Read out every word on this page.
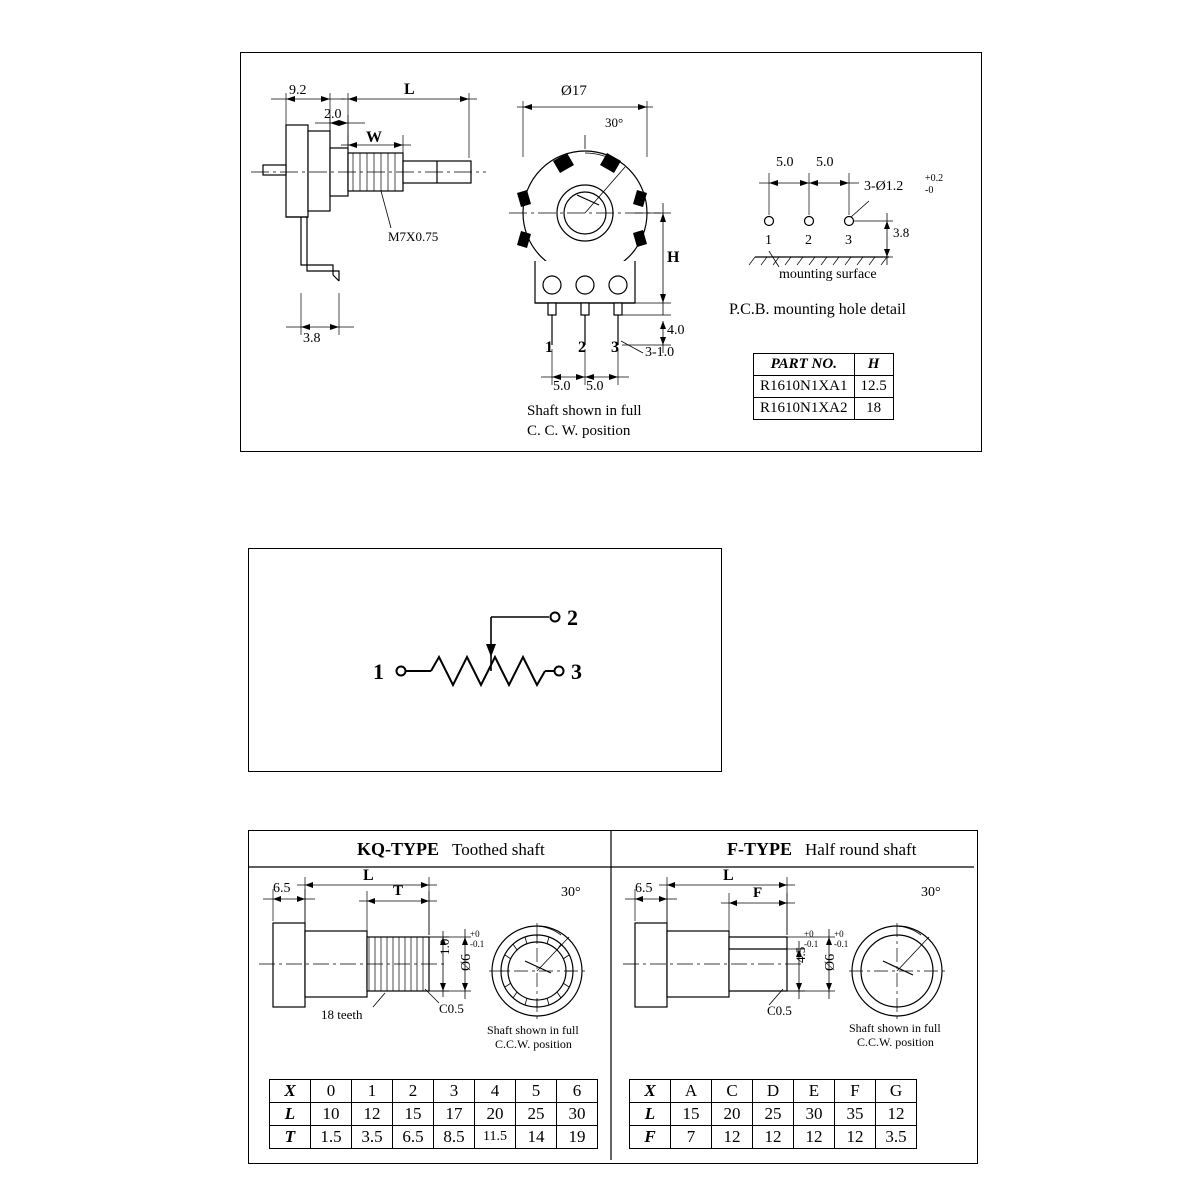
9.2	L
2.0
W
M7X0.75
3.8
Ø17
30°
1 2 3
H
4.0
3-1.0
5.0 5.0
Shaft shown in full
C. C. W. position
5.0 5.0
3-Ø1.2
+0.2
-0
1 2 3
3.8
mounting surface
P.C.B. mounting hole detail
PART NO.	H
R1610N1XA1	12.5
R1610N1XA2	18
1
2
3
KQ-TYPE Toothed shaft	F-TYPE Half round shaft
L
6.5	T
1.0
Ø6
+0
-0.1
18 teeth	C0.5
30°
Shaft shown in full
C.C.W. position
L
6.5	F
4.5
+0
-0.1
Ø6
+0
-0.1
C0.5
30°
Shaft shown in full
C.C.W. position
X	0	1	2	3	4	5	6
L	10	12	15	17	20	25	30
T	1.5	3.5	6.5	8.5	11.5	14	19
X	A	C	D	E	F	G
L	15	20	25	30	35	12
F	7	12	12	12	12	3.5
